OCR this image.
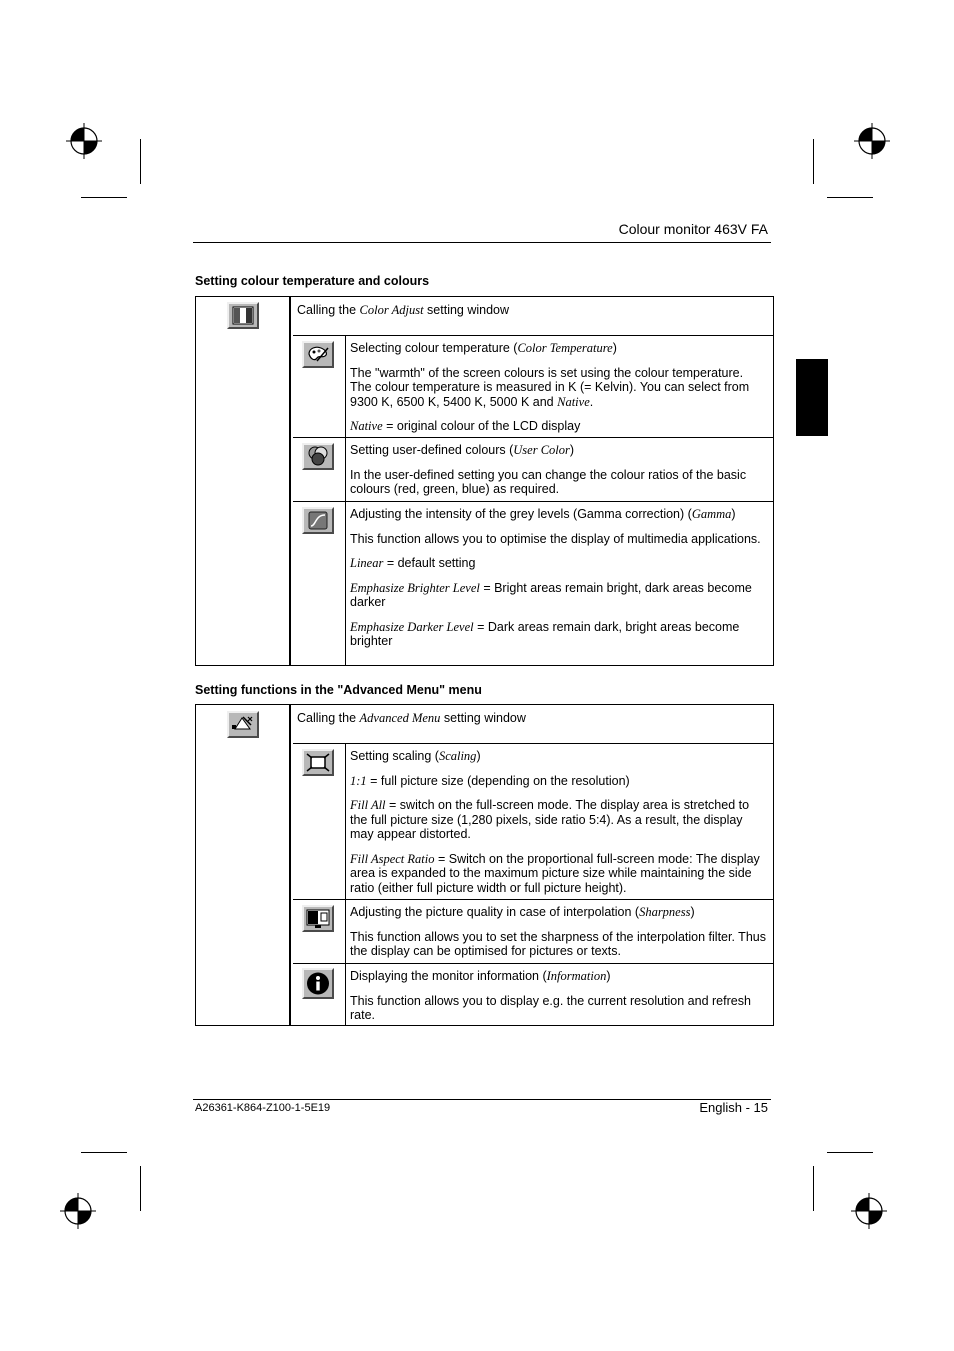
Colour monitor 463V FA
Setting colour temperature and colours
Calling the Color Adjust setting window

Selecting colour temperature (Color Temperature)

The "warmth" of the screen colours is set using the colour temperature. The colour temperature is measured in K (= Kelvin). You can select from 9300 K, 6500 K, 5400 K, 5000 K and Native.

Native = original colour of the LCD display

Setting user-defined colours (User Color)

In the user-defined setting you can change the colour ratios of the basic colours (red, green, blue) as required.

Adjusting the intensity of the grey levels (Gamma correction) (Gamma)

This function allows you to optimise the display of multimedia applications.

Linear = default setting

Emphasize Brighter Level = Bright areas remain bright, dark areas become darker

Emphasize Darker Level = Dark areas remain dark, bright areas become brighter

Setting functions in the "Advanced Menu" menu
Calling the Advanced Menu setting window

Setting scaling (Scaling)

1:1 = full picture size (depending on the resolution)

Fill All = switch on the full-screen mode. The display area is stretched to the full picture size (1,280 pixels, side ratio 5:4). As a result, the display may appear distorted.

Fill Aspect Ratio = Switch on the proportional full-screen mode: The display area is expanded to the maximum picture size while maintaining the side ratio (either full picture width or full picture height).

Adjusting the picture quality in case of interpolation (Sharpness)

This function allows you to set the sharpness of the interpolation filter. Thus the display can be optimised for pictures or texts.

Displaying the monitor information (Information)

This function allows you to display e.g. the current resolution and refresh rate.

A26361-K864-Z100-1-5E19	English - 15
